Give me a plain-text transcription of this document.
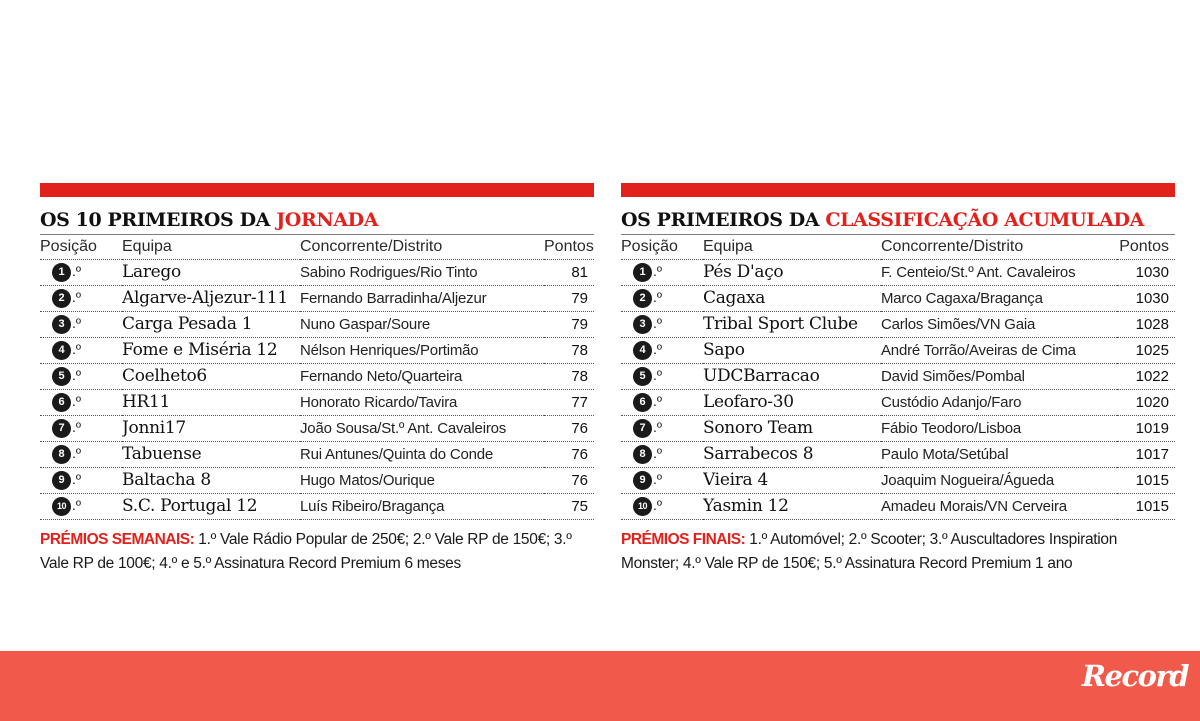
OS 10 PRIMEIROS DA JORNADA
Posição	Equipa	Concorrente/Distrito	Pontos
1 .º	Larego	Sabino Rodrigues/Rio Tinto	81
2 .º	Algarve-Aljezur-111	Fernando Barradinha/Aljezur	79
3 .º	Carga Pesada 1	Nuno Gaspar/Soure	79
4 .º	Fome e Miséria 12	Nélson Henriques/Portimão	78
5 .º	Coelheto6	Fernando Neto/Quarteira	78
6 .º	HR11	Honorato Ricardo/Tavira	77
7 .º	Jonni17	João Sousa/St.º Ant. Cavaleiros	76
8 .º	Tabuense	Rui Antunes/Quinta do Conde	76
9 .º	Baltacha 8	Hugo Matos/Ourique	76
10 .º	S.C. Portugal 12	Luís Ribeiro/Bragança	75
PRÉMIOS SEMANAIS: 1.º Vale Rádio Popular de 250€; 2.º Vale RP de 150€; 3.º Vale RP de 100€; 4.º e 5.º Assinatura Record Premium 6 meses
OS PRIMEIROS DA CLASSIFICAÇÃO ACUMULADA
Posição	Equipa	Concorrente/Distrito	Pontos
1 .º	Pés D'aço	F. Centeio/St.º Ant. Cavaleiros	1030
2 .º	Cagaxa	Marco Cagaxa/Bragança	1030
3 .º	Tribal Sport Clube	Carlos Simões/VN Gaia	1028
4 .º	Sapo	André Torrão/Aveiras de Cima	1025
5 .º	UDCBarracao	David Simões/Pombal	1022
6 .º	Leofaro-30	Custódio Adanjo/Faro	1020
7 .º	Sonoro Team	Fábio Teodoro/Lisboa	1019
8 .º	Sarrabecos 8	Paulo Mota/Setúbal	1017
9 .º	Vieira 4	Joaquim Nogueira/Águeda	1015
10 .º	Yasmin 12	Amadeu Morais/VN Cerveira	1015
PRÉMIOS FINAIS: 1.º Automóvel; 2.º Scooter; 3.º Auscultadores Inspiration Monster; 4.º Vale RP de 150€; 5.º Assinatura Record Premium 1 ano
Record
